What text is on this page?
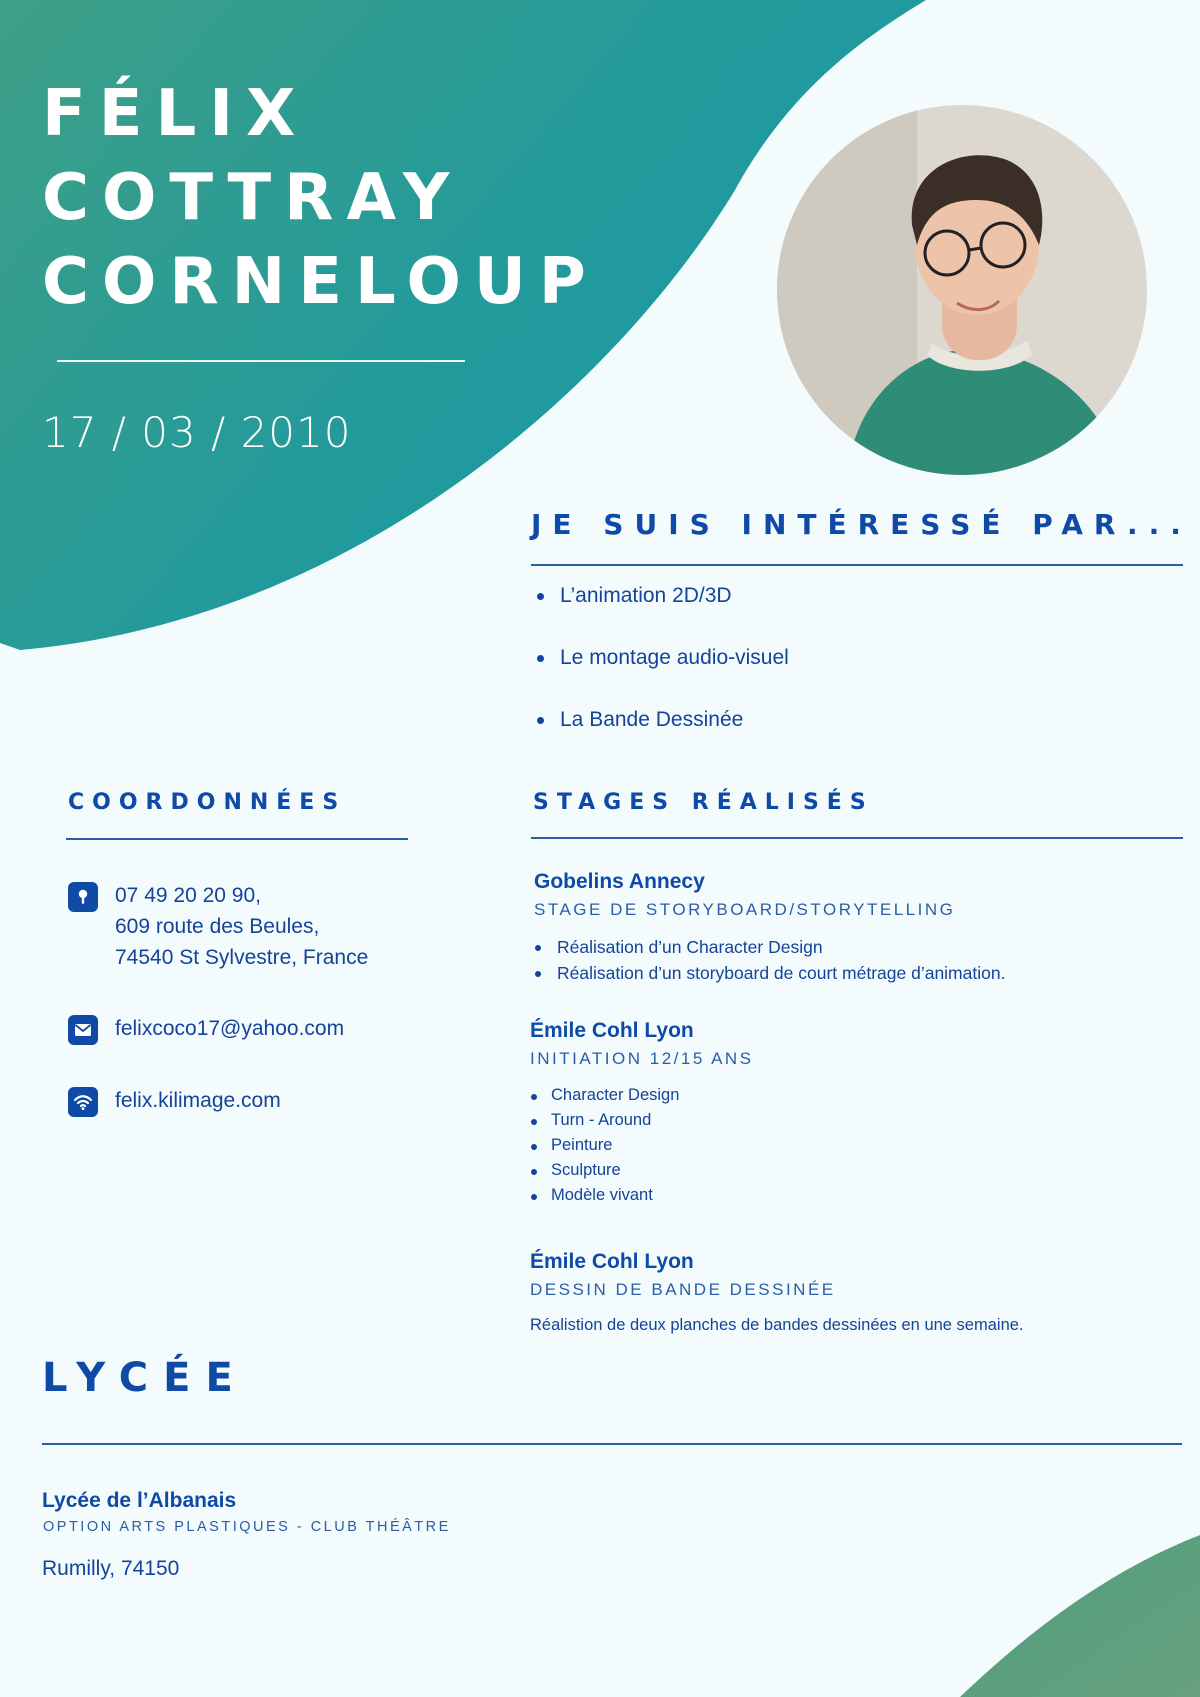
FÉLIX
COTTRAY
CORNELOUP
17 / 03 / 2010
JE SUIS INTÉRESSÉ PAR...
L’animation 2D/3D
Le montage audio-visuel
La Bande Dessinée
COORDONNÉES
07 49 20 20 90,
609 route des Beules,
74540 St Sylvestre, France
felixcoco17@yahoo.com
felix.kilimage.com
STAGES RÉALISÉS

Gobelins Annecy

STAGE DE STORYBOARD/STORYTELLING

Réalisation d’un Character Design
Réalisation d’un storyboard de court métrage d’animation.

Émile Cohl Lyon

INITIATION 12/15 ANS

Character Design
Turn - Around
Peinture
Sculpture
Modèle vivant

Émile Cohl Lyon

DESSIN DE BANDE DESSINÉE

Réalistion de deux planches de bandes dessinées en une semaine.

LYCÉE

Lycée de l’Albanais

OPTION ARTS PLASTIQUES - CLUB THÉÂTRE

Rumilly, 74150
